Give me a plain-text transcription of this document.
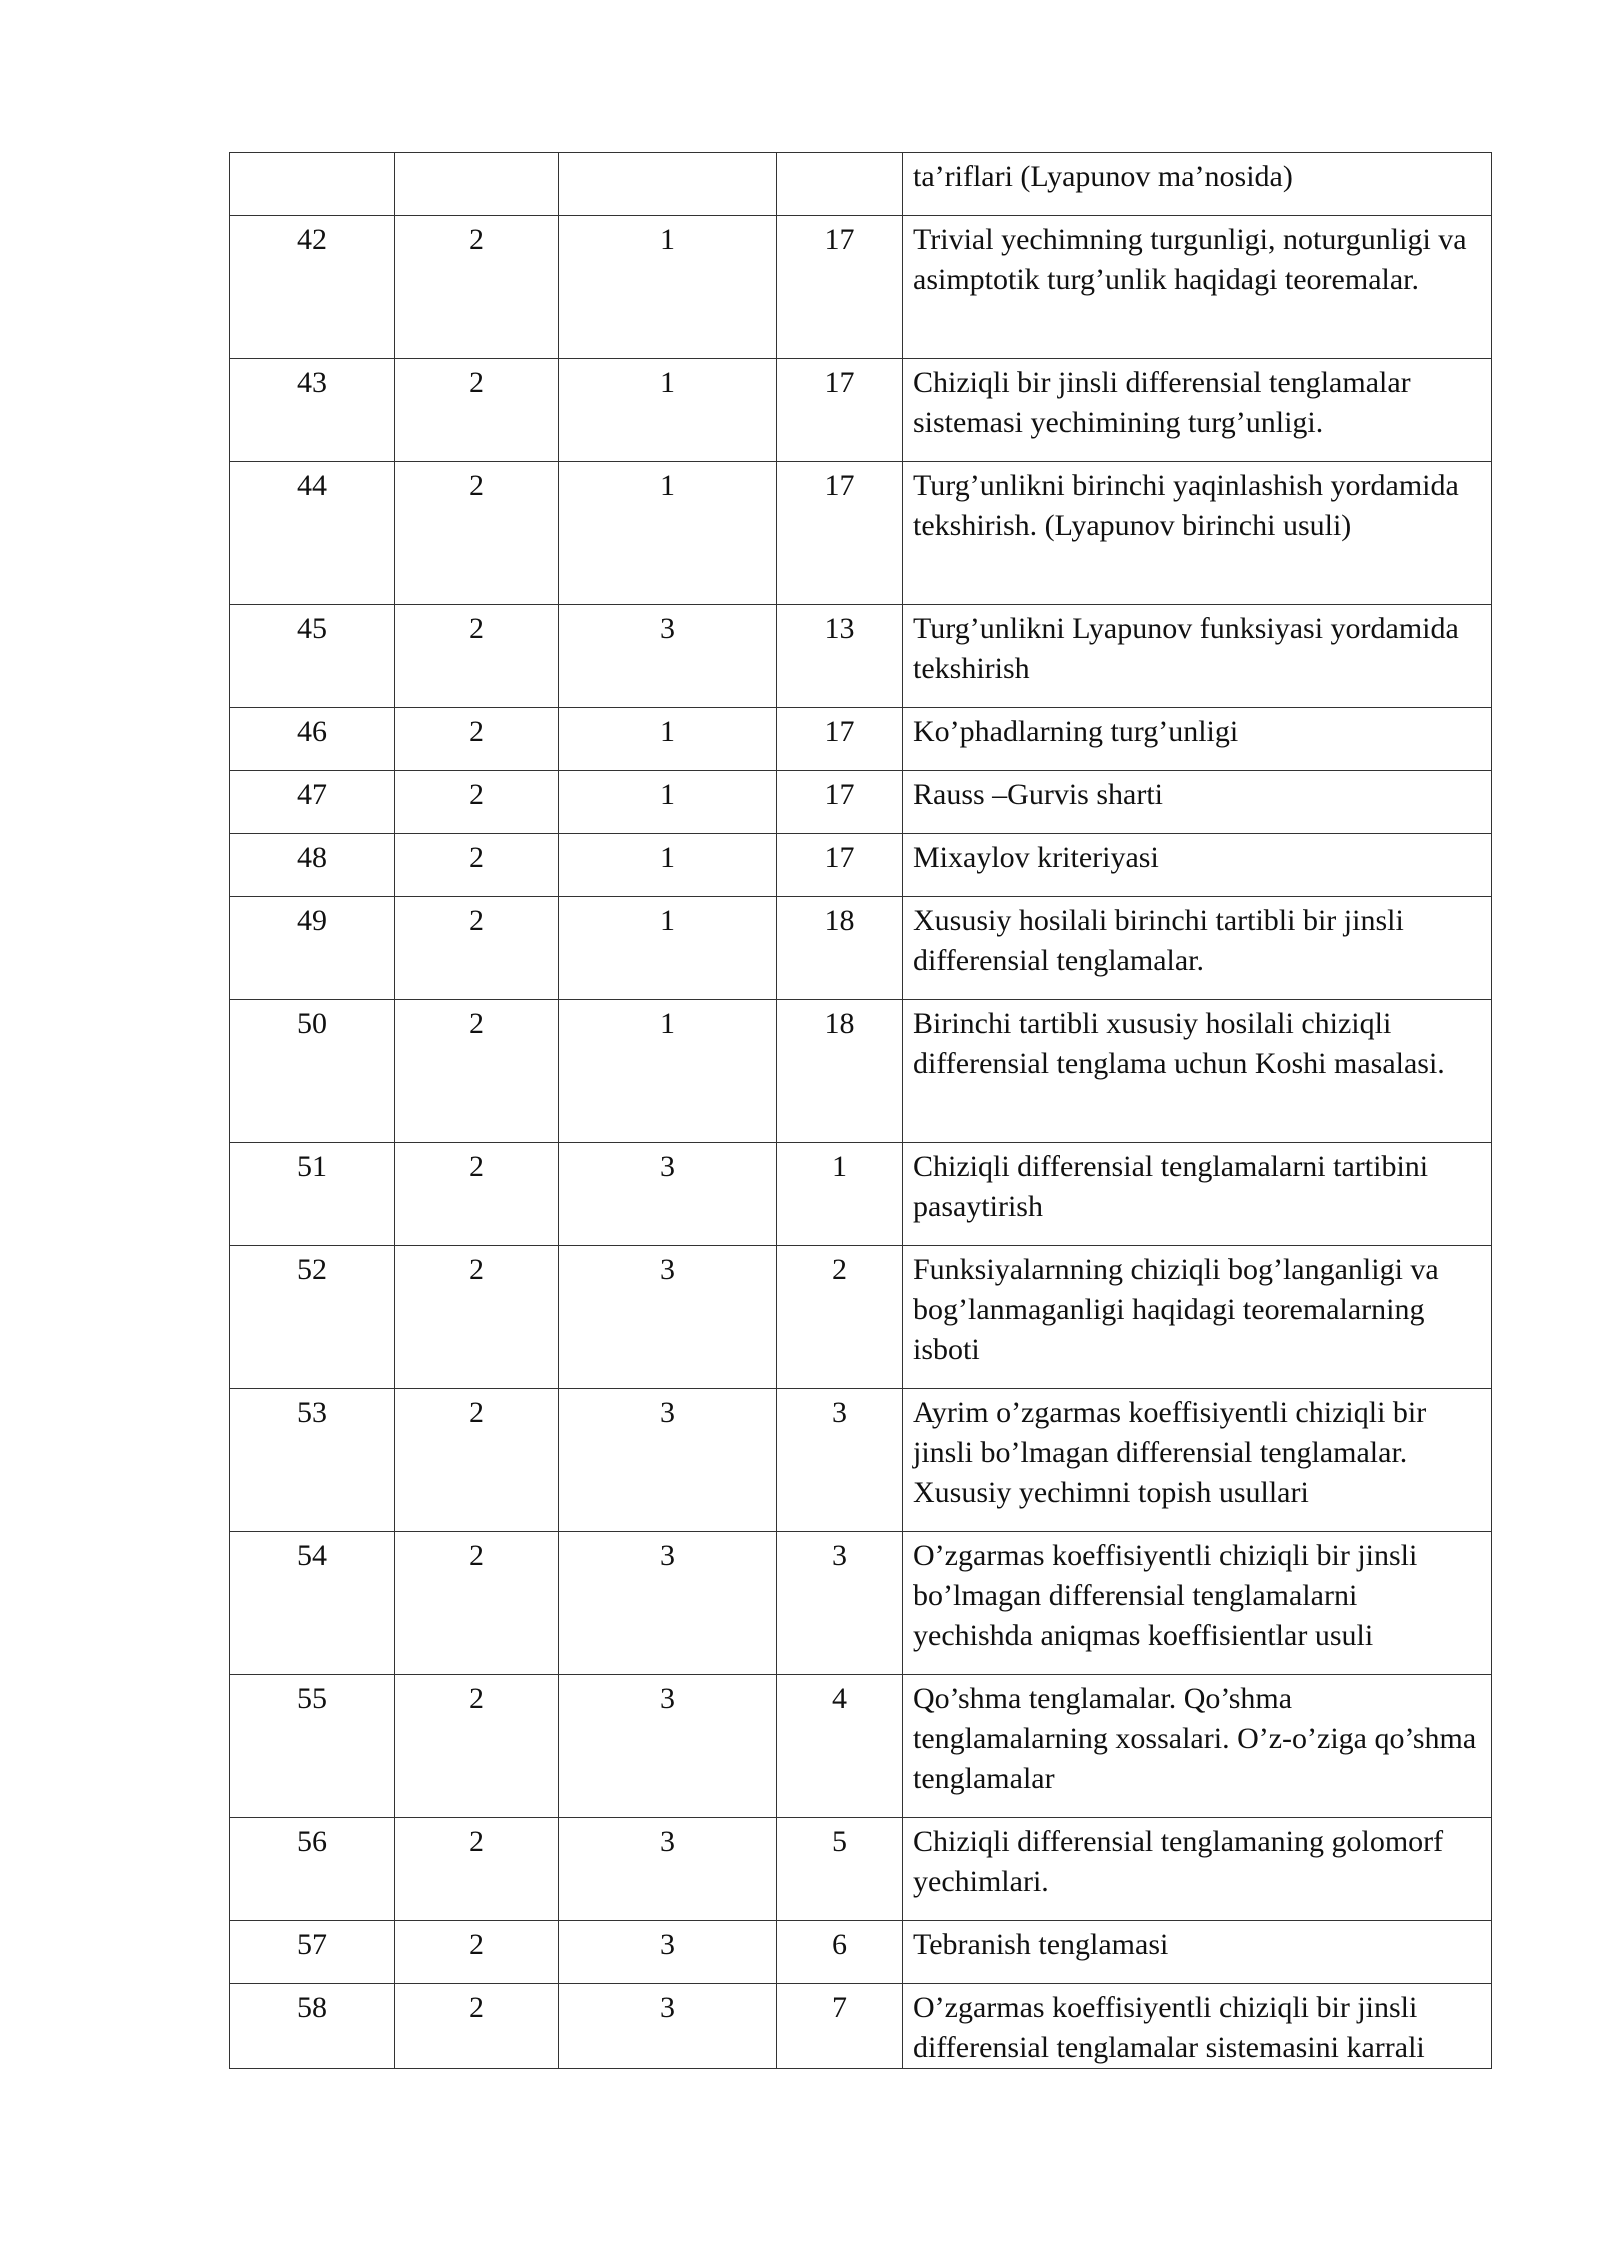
				ta’riflari (Lyapunov ma’nosida)
42	2	1	17	Trivial yechimning turgunligi, noturgunligi va asimptotik turg’unlik haqidagi teoremalar.
43	2	1	17	Chiziqli bir jinsli differensial tenglamalar sistemasi yechimining turg’unligi.
44	2	1	17	Turg’unlikni birinchi yaqinlashish yordamida tekshirish. (Lyapunov birinchi usuli)
45	2	3	13	Turg’unlikni Lyapunov funksiyasi yordamida tekshirish
46	2	1	17	Ko’phadlarning turg’unligi
47	2	1	17	Rauss –Gurvis sharti
48	2	1	17	Mixaylov kriteriyasi
49	2	1	18	Xususiy hosilali birinchi tartibli bir jinsli differensial tenglamalar.
50	2	1	18	Birinchi tartibli xususiy hosilali chiziqli differensial tenglama uchun Koshi masalasi.
51	2	3	1	Chiziqli differensial tenglamalarni tartibini pasaytirish
52	2	3	2	Funksiyalarnning chiziqli bog’langanligi va bog’lanmaganligi haqidagi teoremalarning isboti
53	2	3	3	Ayrim o’zgarmas koeffisiyentli chiziqli bir jinsli bo’lmagan differensial tenglamalar. Xususiy yechimni topish usullari
54	2	3	3	O’zgarmas koeffisiyentli chiziqli bir jinsli bo’lmagan differensial tenglamalarni yechishda aniqmas koeffisientlar usuli
55	2	3	4	Qo’shma tenglamalar. Qo’shma tenglamalarning xossalari. O’z-o’ziga qo’shma tenglamalar
56	2	3	5	Chiziqli differensial tenglamaning golomorf yechimlari.
57	2	3	6	Tebranish tenglamasi
58	2	3	7	O’zgarmas koeffisiyentli chiziqli bir jinsli differensial tenglamalar sistemasini karrali
